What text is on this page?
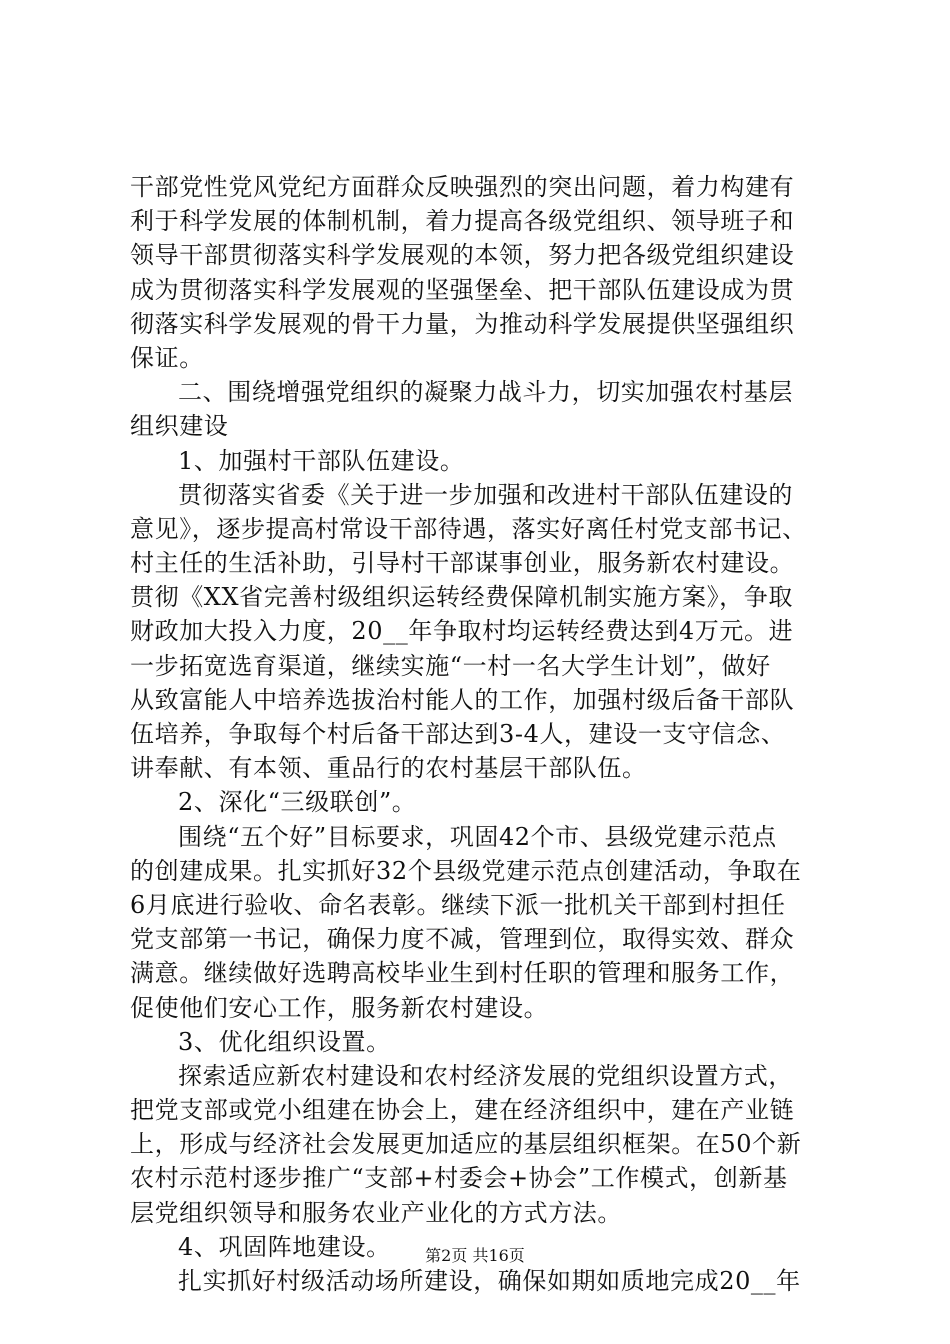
干部党性党风党纪方面群众反映强烈的突出问题，着力构建有
利于科学发展的体制机制，着力提高各级党组织、领导班子和
领导干部贯彻落实科学发展观的本领，努力把各级党组织建设
成为贯彻落实科学发展观的坚强堡垒、把干部队伍建设成为贯
彻落实科学发展观的骨干力量，为推动科学发展提供坚强组织
保证。
二、围绕增强党组织的凝聚力战斗力，切实加强农村基层
组织建设
1、加强村干部队伍建设。
贯彻落实省委《关于进一步加强和改进村干部队伍建设的
意见》，逐步提高村常设干部待遇，落实好离任村党支部书记、
村主任的生活补助，引导村干部谋事创业，服务新农村建设。
贯彻《XX省完善村级组织运转经费保障机制实施方案》，争取
财政加大投入力度，20__年争取村均运转经费达到4万元。进
一步拓宽选育渠道，继续实施“一村一名大学生计划”，做好
从致富能人中培养选拔治村能人的工作，加强村级后备干部队
伍培养，争取每个村后备干部达到3-4人，建设一支守信念、
讲奉献、有本领、重品行的农村基层干部队伍。
2、深化“三级联创”。
围绕“五个好”目标要求，巩固42个市、县级党建示范点
的创建成果。扎实抓好32个县级党建示范点创建活动，争取在
6月底进行验收、命名表彰。继续下派一批机关干部到村担任
党支部第一书记，确保力度不减，管理到位，取得实效、群众
满意。继续做好选聘高校毕业生到村任职的管理和服务工作，
促使他们安心工作，服务新农村建设。
3、优化组织设置。
探索适应新农村建设和农村经济发展的党组织设置方式，
把党支部或党小组建在协会上，建在经济组织中，建在产业链
上，形成与经济社会发展更加适应的基层组织框架。在50个新
农村示范村逐步推广“支部+村委会+协会”工作模式，创新基
层党组织领导和服务农业产业化的方式方法。
4、巩固阵地建设。
扎实抓好村级活动场所建设，确保如期如质地完成20__年
第2页 共16页
